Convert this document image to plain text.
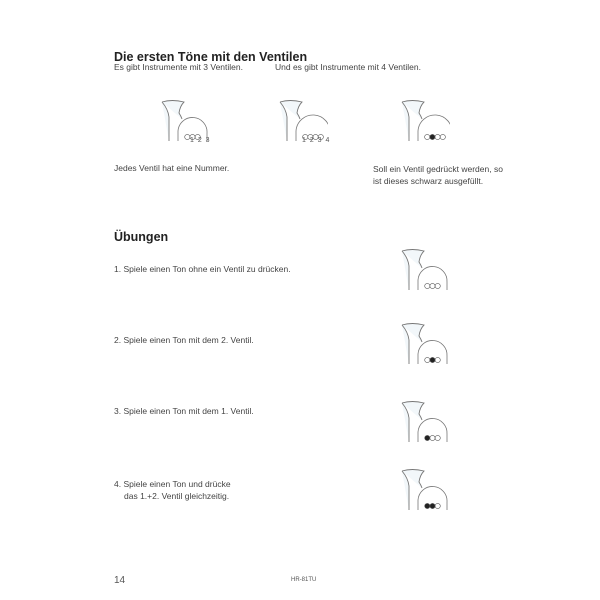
Die ersten Töne mit den Ventilen
Es gibt Instrumente mit 3 Ventilen.	Und es gibt Instrumente mit 4 Ventilen.
1 2 3	1 2 3 4
Jedes Ventil hat eine Nummer.	Soll ein Ventil gedrückt werden, so
ist dieses schwarz ausgefüllt.
Übungen
1. Spiele einen Ton ohne ein Ventil zu drücken.
2. Spiele einen Ton mit dem 2. Ventil.
3. Spiele einen Ton mit dem 1. Ventil.
4. Spiele einen Ton und drücke
das 1.+2. Ventil gleichzeitig.
14	HR-81TU
